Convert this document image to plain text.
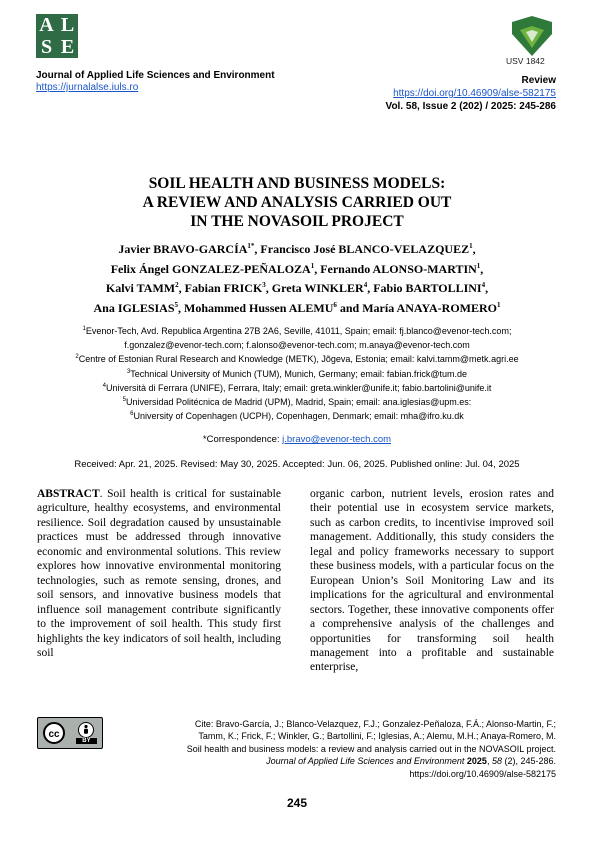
A L
S E
Journal of Applied Life Sciences and Environment
https://jurnalalse.iuls.ro
USV 1842
Review
https://doi.org/10.46909/alse-582175
Vol. 58, Issue 2 (202) / 2025: 245-286
SOIL HEALTH AND BUSINESS MODELS:
A REVIEW AND ANALYSIS CARRIED OUT
IN THE NOVASOIL PROJECT
Javier BRAVO-$GARCÍA^{1*}$, Francisco José BLANCO-VELAZQUEZ$^1$,
Felix Ángel GONZALEZ-PEÑALOZA$^1$, Fernando ALONSO-MARTIN$^1$,
Kalvi TAMM$^2$, Fabian FRICK$^3$, Greta WINKLER$^4$, Fabio BARTOLLINI$^4$,
Ana IGLESIAS$^5$, Mohammed Hussen ALEMU$^6$ and María ANAYA-ROMERO$^1$
$^1$Evenor-Tech, Avd. Republica Argentina 27B 2A6, Seville, 41011, Spain; email: fj.blanco@evenor-tech.com;
f.gonzalez@evenor-tech.com; f.alonso@evenor-tech.com; m.anaya@evenor-tech.com
$^2$Centre of Estonian Rural Research and Knowledge (METK), Jõgeva, Estonia; email: kalvi.tamm@metk.agri.ee
$^3$Technical University of Munich (TUM), Munich, Germany; email: fabian.frick@tum.de
$^4$Università di Ferrara (UNIFE), Ferrara, Italy; email: greta.winkler@unife.it; fabio.bartolini@unife.it
$^5$Universidad Politécnica de Madrid (UPM), Madrid, Spain; email: ana.iglesias@upm.es:
$^6$University of Copenhagen (UCPH), Copenhagen, Denmark; email: mha@ifro.ku.dk
*Correspondence: j.bravo@evenor-tech.com
Received: Apr. 21, 2025. Revised: May 30, 2025. Accepted: Jun. 06, 2025. Published online: Jul. 04, 2025
ABSTRACT. Soil health is critical for sustainable agriculture, healthy ecosystems, and environmental resilience. Soil degradation caused by unsustainable practices must be addressed through innovative economic and environmental solutions. This review explores how innovative environmental monitoring technologies, such as remote sensing, drones, and soil sensors, and innovative business models that influence soil management contribute significantly to the improvement of soil health. This study first highlights the key indicators of soil health, including soil
organic carbon, nutrient levels, erosion rates and their potential use in ecosystem service markets, such as carbon credits, to incentivise improved soil management. Additionally, this study considers the legal and policy frameworks necessary to support these business models, with a particular focus on the European Union’s Soil Monitoring Law and its implications for the agricultural and environmental sectors. Together, these innovative components offer a comprehensive analysis of the challenges and opportunities for transforming soil health management into a profitable and sustainable enterprise,
cc
BY
Cite: Bravo-García, J.; Blanco-Velazquez, F.J.; Gonzalez-Peñaloza, F.Á.; Alonso-Martin, F.;
Tamm, K.; Frick, F.; Winkler, G.; Bartollini, F.; Iglesias, A.; Alemu, M.H.; Anaya-Romero, M.
Soil health and business models: a review and analysis carried out in the NOVASOIL project.
Journal of Applied Life Sciences and Environment 2025, 58 (2), 245-286.
https://doi.org/10.46909/alse-582175
245
